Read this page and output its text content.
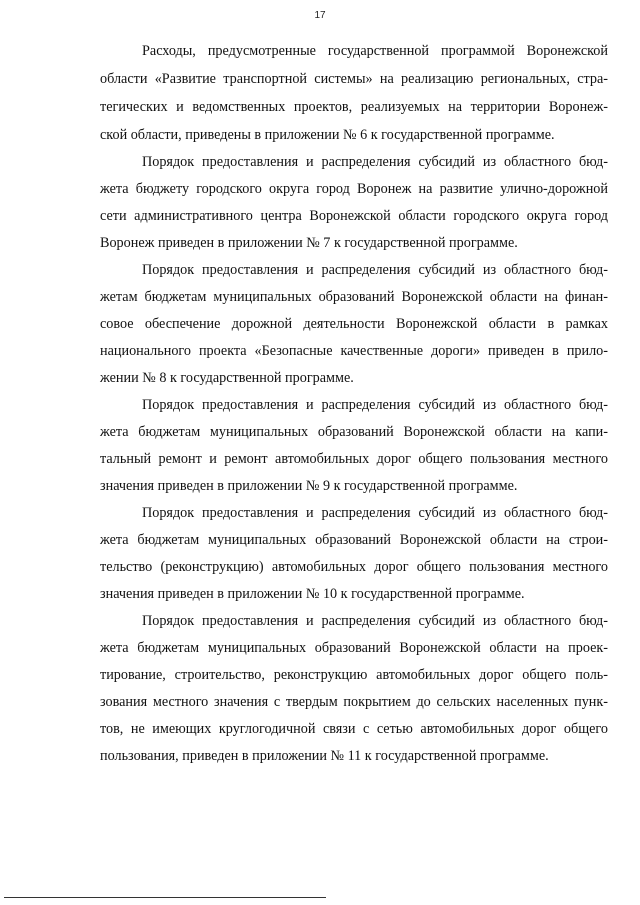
17
Расходы, предусмотренные государственной программой Воронежской
области «Развитие транспортной системы» на реализацию региональных, стра-
тегических и ведомственных проектов, реализуемых на территории Воронеж-
ской области, приведены в приложении № 6 к государственной программе.
Порядок предоставления и распределения субсидий из областного бюд-
жета бюджету городского округа город Воронеж на развитие улично-дорожной
сети административного центра Воронежской области городского округа город
Воронеж приведен в приложении № 7 к государственной программе.
Порядок предоставления и распределения субсидий из областного бюд-
жетам бюджетам муниципальных образований Воронежской области на финан-
совое обеспечение дорожной деятельности Воронежской области в рамках
национального проекта «Безопасные качественные дороги» приведен в прило-
жении № 8 к государственной программе.
Порядок предоставления и распределения субсидий из областного бюд-
жета бюджетам муниципальных образований Воронежской области на капи-
тальный ремонт и ремонт автомобильных дорог общего пользования местного
значения приведен в приложении № 9 к государственной программе.
Порядок предоставления и распределения субсидий из областного бюд-
жета бюджетам муниципальных образований Воронежской области на строи-
тельство (реконструкцию) автомобильных дорог общего пользования местного
значения приведен в приложении № 10 к государственной программе.
Порядок предоставления и распределения субсидий из областного бюд-
жета бюджетам муниципальных образований Воронежской области на проек-
тирование, строительство, реконструкцию автомобильных дорог общего поль-
зования местного значения с твердым покрытием до сельских населенных пунк-
тов, не имеющих круглогодичной связи с сетью автомобильных дорог общего
пользования, приведен в приложении № 11 к государственной программе.
